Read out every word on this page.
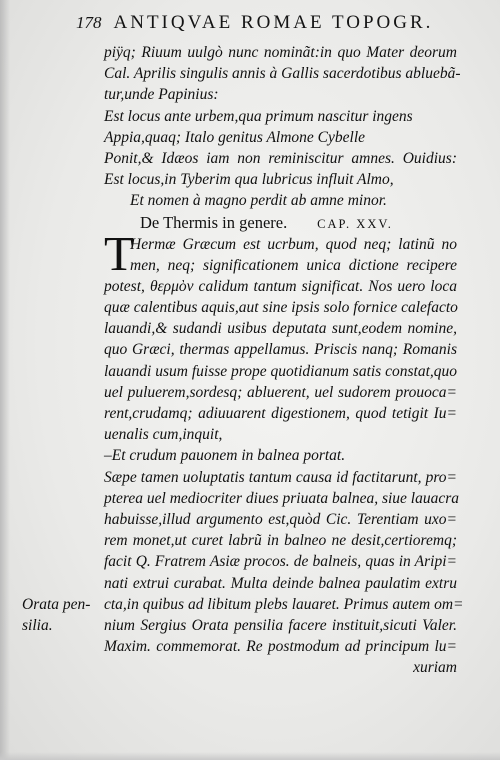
178 ANTIQVAE ROMAE TOPOGR.
piÿq; Riuum uulgò nunc nominãt:in quo Mater deorum
Cal. Aprilis singulis annis à Gallis sacerdotibus abluebã-
tur,unde Papinius:
Est locus ante urbem,qua primum nascitur ingens
Appia,quaq; Italo genitus Almone Cybelle
Ponit,& Idæos iam non reminiscitur amnes. Ouidius:
Est locus,in Tyberim qua lubricus influit Almo,
Et nomen à magno perdit ab amne minor.
De Thermis in genere. CAP. XXV.
T
Hermæ Græcum est ucrbum, quod neq; latinũ no
men, neq; significationem unica dictione recipere
potest, θερμὸν calidum tantum significat. Nos uero loca
quæ calentibus aquis,aut sine ipsis solo fornice calefacto
lauandi,& sudandi usibus deputata sunt,eodem nomine,
quo Græci, thermas appellamus. Priscis nanq; Romanis
lauandi usum fuisse prope quotidianum satis constat,quo
uel puluerem,sordesq; abluerent, uel sudorem prouoca=
rent,crudamq; adiuuarent digestionem, quod tetigit Iu=
uenalis cum,inquit,
–Et crudum pauonem in balnea portat.
Sæpe tamen uoluptatis tantum causa id factitarunt, pro=
pterea uel mediocriter diues priuata balnea, siue lauacra
habuisse,illud argumento est,quòd Cic. Terentiam uxo=
rem monet,ut curet labrũ in balneo ne desit,certioremq;
facit Q. Fratrem Asiæ procos. de balneis, quas in Aripi=
nati extrui curabat. Multa deinde balnea paulatim extru
cta,in quibus ad libitum plebs lauaret. Primus autem om=
nium Sergius Orata pensilia facere instituit,sicuti Valer.
Maxim. commemorat. Re postmodum ad principum lu=
xuriam
Orata pen-
silia.
